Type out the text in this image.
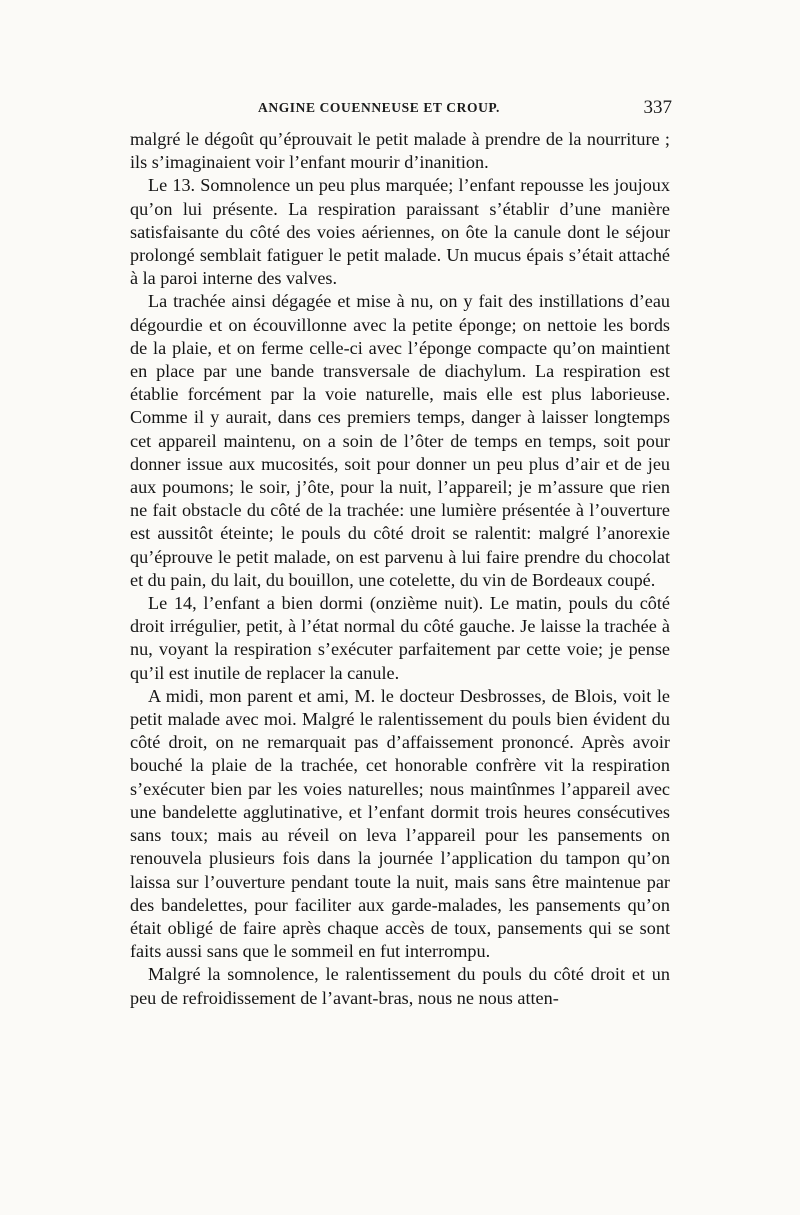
ANGINE COUENNEUSE ET CROUP.	337

malgré le dégoût qu’éprouvait le petit malade à prendre de la nourriture ; ils s’imaginaient voir l’enfant mourir d’inanition.

Le 13. Somnolence un peu plus marquée; l’enfant repousse les joujoux qu’on lui présente. La respiration paraissant s’établir d’une manière satisfaisante du côté des voies aériennes, on ôte la canule dont le séjour prolongé semblait fatiguer le petit malade. Un mucus épais s’était attaché à la paroi interne des valves.

La trachée ainsi dégagée et mise à nu, on y fait des instillations d’eau dégourdie et on écouvillonne avec la petite éponge; on nettoie les bords de la plaie, et on ferme celle-ci avec l’éponge compacte qu’on maintient en place par une bande transversale de diachylum. La respiration est établie forcément par la voie naturelle, mais elle est plus laborieuse. Comme il y aurait, dans ces premiers temps, danger à laisser longtemps cet appareil maintenu, on a soin de l’ôter de temps en temps, soit pour donner issue aux mucosités, soit pour donner un peu plus d’air et de jeu aux poumons; le soir, j’ôte, pour la nuit, l’appareil; je m’assure que rien ne fait obstacle du côté de la trachée: une lumière présentée à l’ouverture est aussitôt éteinte; le pouls du côté droit se ralentit: malgré l’anorexie qu’éprouve le petit malade, on est parvenu à lui faire prendre du chocolat et du pain, du lait, du bouillon, une cotelette, du vin de Bordeaux coupé.

Le 14, l’enfant a bien dormi (onzième nuit). Le matin, pouls du côté droit irrégulier, petit, à l’état normal du côté gauche. Je laisse la trachée à nu, voyant la respiration s’exécuter parfaitement par cette voie; je pense qu’il est inutile de replacer la canule.

A midi, mon parent et ami, M. le docteur Desbrosses, de Blois, voit le petit malade avec moi. Malgré le ralentissement du pouls bien évident du côté droit, on ne remarquait pas d’affaissement prononcé. Après avoir bouché la plaie de la trachée, cet honorable confrère vit la respiration s’exécuter bien par les voies naturelles; nous maintînmes l’appareil avec une bandelette agglutinative, et l’enfant dormit trois heures consécutives sans toux; mais au réveil on leva l’appareil pour les pansements on renouvela plusieurs fois dans la journée l’application du tampon qu’on laissa sur l’ouverture pendant toute la nuit, mais sans être maintenue par des bandelettes, pour faciliter aux garde-malades, les pansements qu’on était obligé de faire après chaque accès de toux, pansements qui se sont faits aussi sans que le sommeil en fut interrompu.

Malgré la somnolence, le ralentissement du pouls du côté droit et un peu de refroidissement de l’avant-bras, nous ne nous atten-
